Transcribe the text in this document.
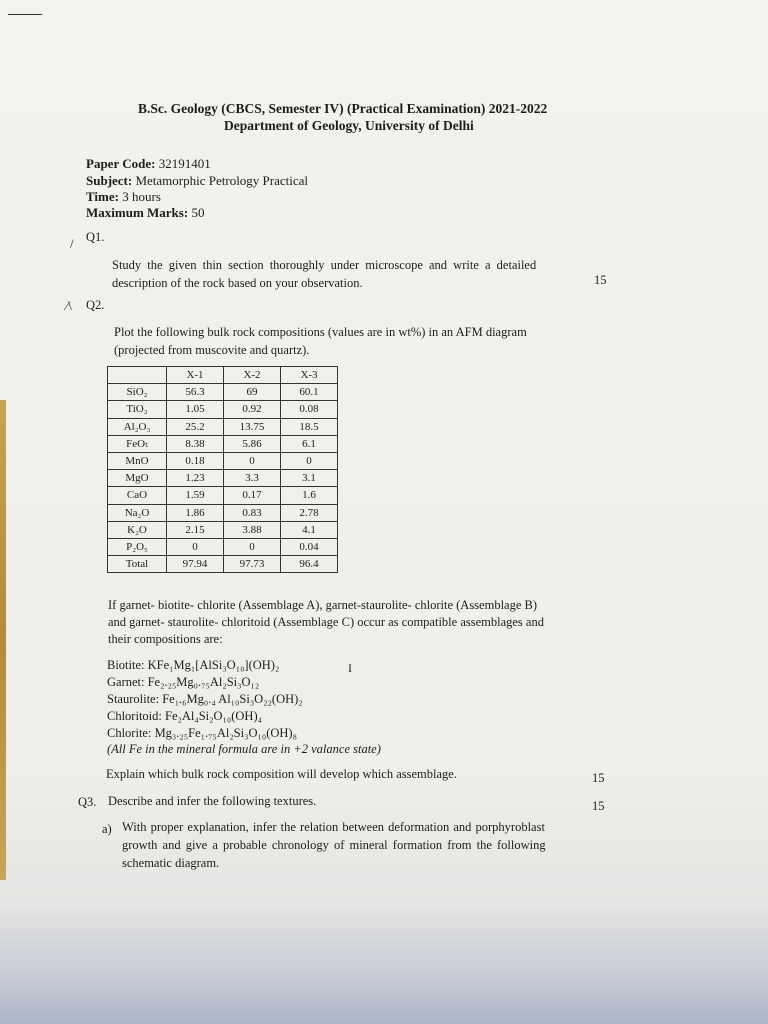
B.Sc. Geology (CBCS, Semester IV) (Practical Examination) 2021-2022
Department of Geology, University of Delhi
Paper Code: 32191401
Subject: Metamorphic Petrology Practical
Time: 3 hours
Maximum Marks: 50
/ Q1.
Study the given thin section thoroughly under microscope and write a detailed
description of the rock based on your observation.	15
⁄\ Q2.
Plot the following bulk rock compositions (values are in wt%) in an AFM diagram
(projected from muscovite and quartz).
	X-1	X-2	X-3
SiO₂	56.3	69	60.1
TiO₂	1.05	0.92	0.08
Al₂O₃	25.2	13.75	18.5
FeOₜ	8.38	5.86	6.1
MnO	0.18	0	0
MgO	1.23	3.3	3.1
CaO	1.59	0.17	1.6
Na₂O	1.86	0.83	2.78
K₂O	2.15	3.88	4.1
P₂O₅	0	0	0.04
Total	97.94	97.73	96.4
If garnet- biotite- chlorite (Assemblage A), garnet-staurolite- chlorite (Assemblage B)
and garnet- staurolite- chloritoid (Assemblage C) occur as compatible assemblages and
their compositions are:
Biotite: KFe₁Mg₁[AlSi₃O₁₀](OH)₂	I
Garnet: Fe₂.₂₅Mg₀.₇₅Al₂Si₃O₁₂
Staurolite: Fe₁.₆Mg₀.₄ Al₁₀Si₃O₂₂(OH)₂
Chloritoid: Fe₂Al₄Si₂O₁₀(OH)₄
Chlorite: Mg₃.₂₅Fe₁.₇₅Al₂Si₃O₁₀(OH)₈
(All Fe in the mineral formula are in +2 valance state)
Explain which bulk rock composition will develop which assemblage.	15
Q3. Describe and infer the following textures.	15
a) With proper explanation, infer the relation between deformation and porphyroblast
growth and give a probable chronology of mineral formation from the following
schematic diagram.
